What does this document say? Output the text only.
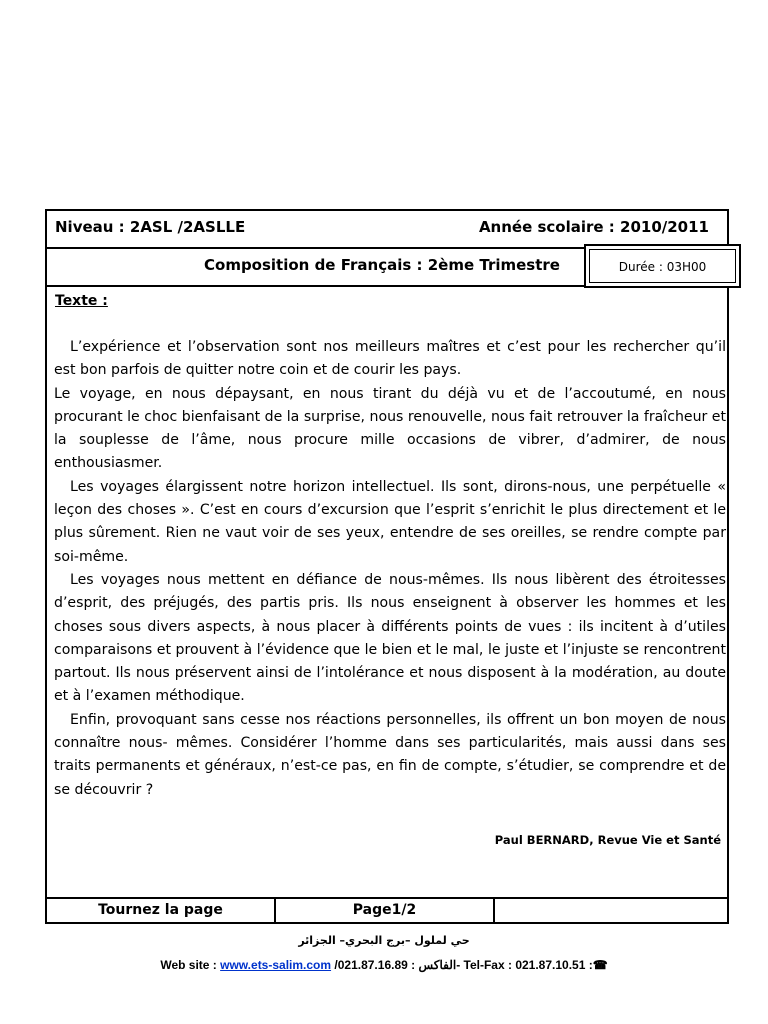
Niveau : 2ASL /2ASLLE	Année scolaire : 2010/2011
Composition de Français : 2ème Trimestre	Durée : 03H00
Texte :

L’expérience et l’observation sont nos meilleurs maîtres et c’est pour les rechercher qu’il est bon parfois de quitter notre coin et de courir les pays.

Le voyage, en nous dépaysant, en nous tirant du déjà vu et de l’accoutumé, en nous procurant le choc bienfaisant de la surprise, nous renouvelle, nous fait retrouver la fraîcheur et la souplesse de l’âme, nous procure mille occasions de vibrer, d’admirer, de nous enthousiasmer.

Les voyages élargissent notre horizon intellectuel. Ils sont, dirons-nous, une perpétuelle « leçon des choses ». C’est en cours d’excursion que l’esprit s’enrichit le plus directement et le plus sûrement. Rien ne vaut voir de ses yeux, entendre de ses oreilles, se rendre compte par soi-même.

Les voyages nous mettent en défiance de nous-mêmes. Ils nous libèrent des étroitesses d’esprit, des préjugés, des partis pris. Ils nous enseignent à observer les hommes et les choses sous divers aspects, à nous placer à différents points de vues : ils incitent à d’utiles comparaisons et prouvent à l’évidence que le bien et le mal, le juste et l’injuste se rencontrent partout. Ils nous préservent ainsi de l’intolérance et nous disposent à la modération, au doute et à l’examen méthodique.

Enfin, provoquant sans cesse nos réactions personnelles, ils offrent un bon moyen de nous connaître nous- mêmes. Considérer l’homme dans ses particularités, mais aussi dans ses traits permanents et généraux, n’est-ce pas, en fin de compte, s’étudier, se comprendre et de se découvrir ?

Paul BERNARD, Revue Vie et Santé
Tournez la page	Page1/2
حي لملول –برج البحري– الجزائر
Web site : www.ets-salim.com /021.87.16.89 : الفاكس- Tel-Fax : 021.87.10.51 :☎
